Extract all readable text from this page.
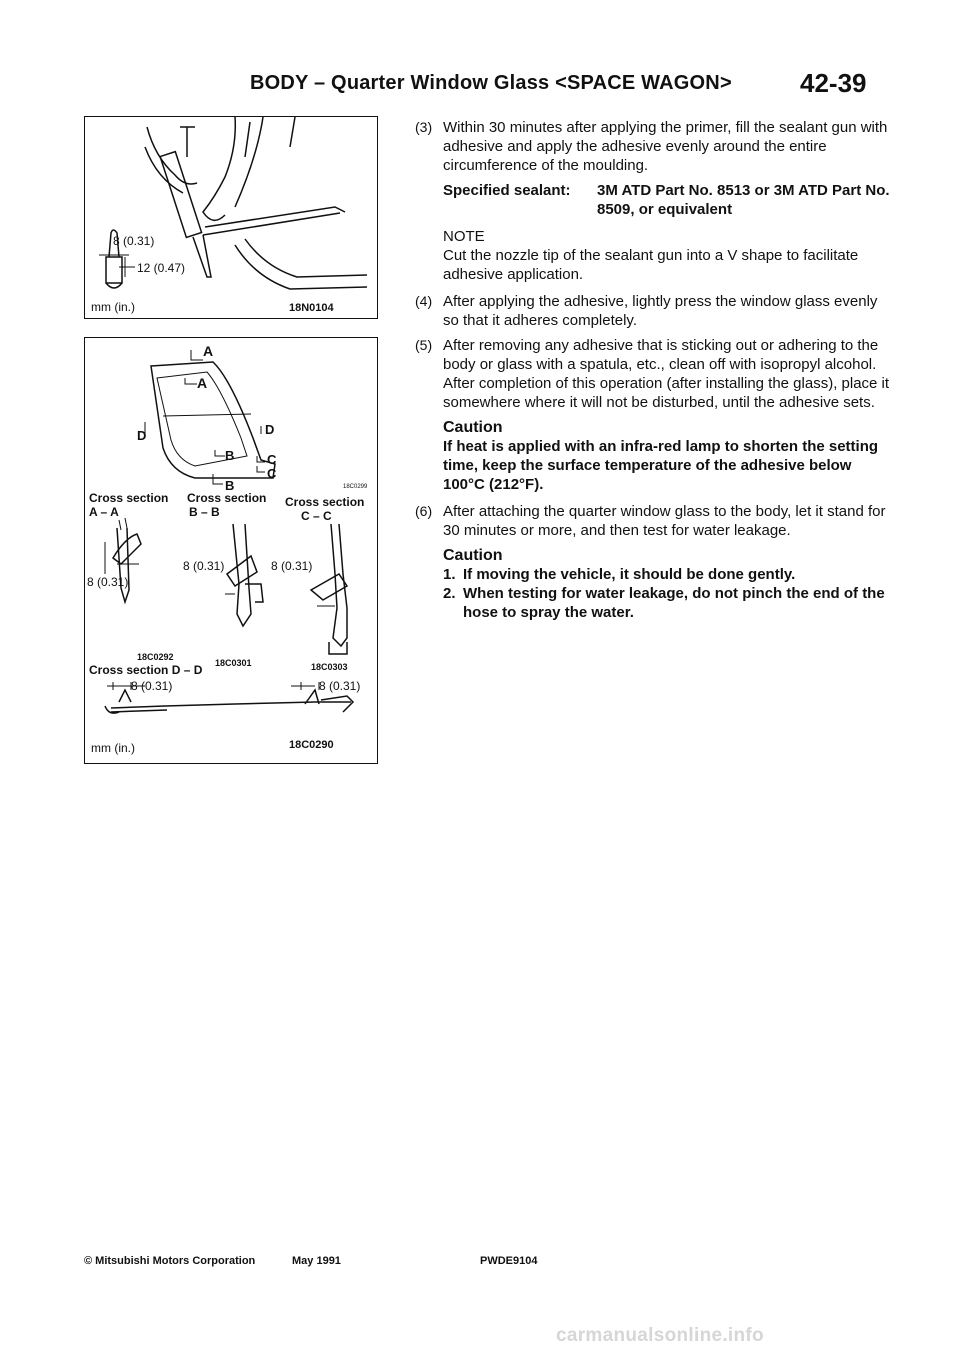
BODY – Quarter Window Glass <SPACE WAGON>	42-39
8 (0.31)
12 (0.47)
mm (in.)	18N0104
A
A
D	D
B
B
C
C
18C0299
Cross section
A – A
Cross section
B – B
Cross section
C – C
8 (0.31)
8 (0.31)	8 (0.31)
18C0292
18C0301	18C0303
Cross section D – D
8 (0.31)	8 (0.31)
mm (in.)	18C0290
(3) Within 30 minutes after applying the primer, fill the sealant gun with adhesive and apply the adhesive evenly around the entire circumference of the moulding.
Specified sealant:	3M ATD Part No. 8513 or 3M ATD Part No. 8509, or equivalent
NOTE
Cut the nozzle tip of the sealant gun into a V shape to facilitate adhesive application.
(4) After applying the adhesive, lightly press the window glass evenly so that it adheres completely.
(5) After removing any adhesive that is sticking out or adhering to the body or glass with a spatula, etc., clean off with isopropyl alcohol.
After completion of this operation (after installing the glass), place it somewhere where it will not be disturbed, until the adhesive sets.
Caution
If heat is applied with an infra-red lamp to shorten the setting time, keep the surface temperature of the adhesive below 100°C (212°F).
(6) After attaching the quarter window glass to the body, let it stand for 30 minutes or more, and then test for water leakage.
Caution
1. If moving the vehicle, it should be done gently.
2. When testing for water leakage, do not pinch the end of the hose to spray the water.
© Mitsubishi Motors Corporation	May 1991	PWDE9104
carmanualsonline.info
